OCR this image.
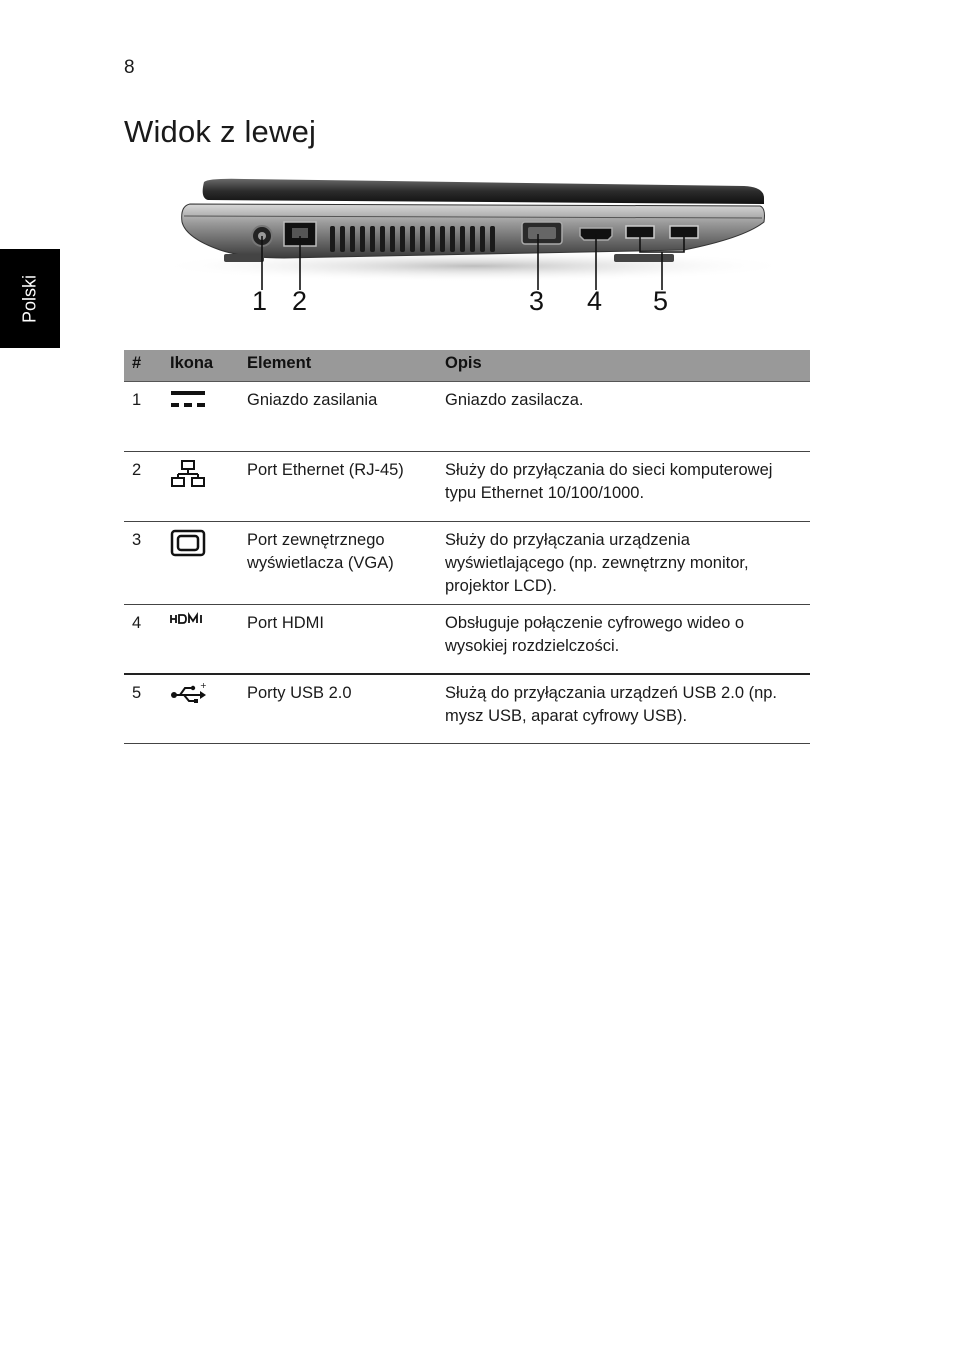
8
Widok z lewej
Polski	1 2	3 4 5
#	Ikona	Element	Opis
1		Gniazdo zasilania	Gniazdo zasilacza.
2		Port Ethernet (RJ-45)	Służy do przyłączania do sieci komputerowej typu Ethernet 10/100/1000.
3		Port zewnętrznego wyświetlacza (VGA)	Służy do przyłączania urządzenia wyświetlającego (np. zewnętrzny monitor, projektor LCD).
4		Port HDMI	Obsługuje połączenie cyfrowego wideo o wysokiej rozdzielczości.
5	+	Porty USB 2.0	Służą do przyłączania urządzeń USB 2.0 (np. mysz USB, aparat cyfrowy USB).
